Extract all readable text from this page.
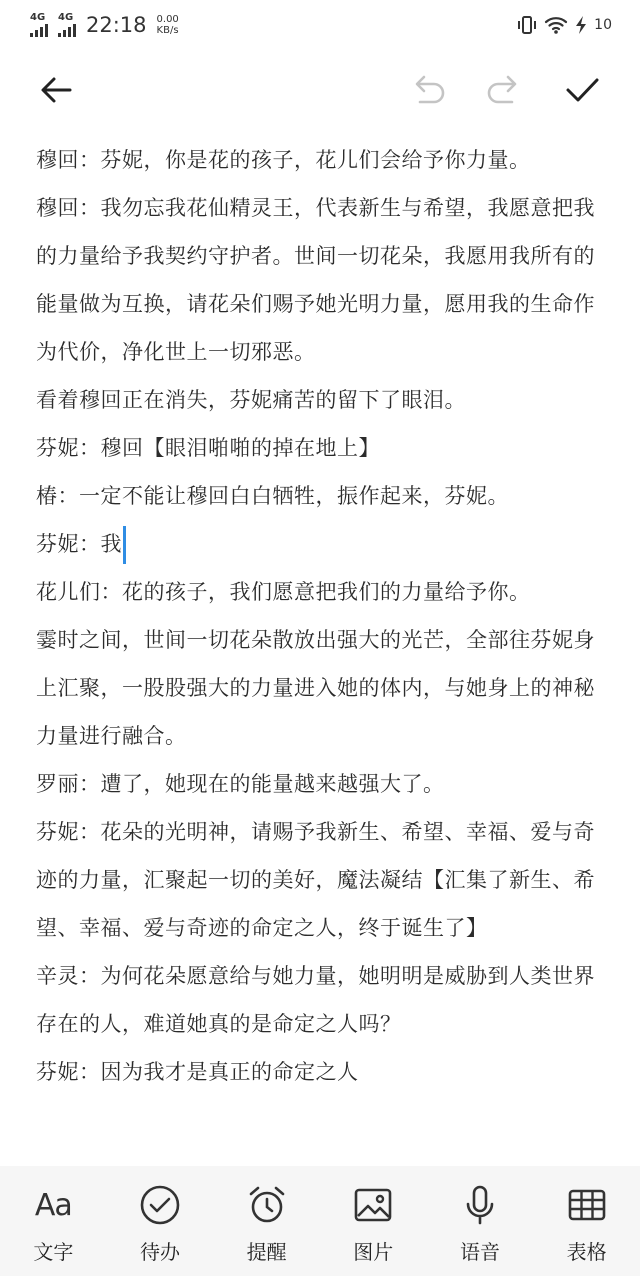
4G 4G 22:18 0.00
KB/s	10

穆回：芬妮，你是花的孩子，花儿们会给予你力量。

穆回：我勿忘我花仙精灵王，代表新生与希望，我愿意把我的力量给予我契约守护者。世间一切花朵，我愿用我所有的能量做为互换，请花朵们赐予她光明力量，愿用我的生命作为代价，净化世上一切邪恶。

看着穆回正在消失，芬妮痛苦的留下了眼泪。

芬妮：穆回【眼泪啪啪的掉在地上】

椿：一定不能让穆回白白牺牲，振作起来，芬妮。

芬妮：我

花儿们：花的孩子，我们愿意把我们的力量给予你。

霎时之间，世间一切花朵散放出强大的光芒，全部往芬妮身上汇聚，一股股强大的力量进入她的体内，与她身上的神秘力量进行融合。

罗丽：遭了，她现在的能量越来越强大了。

芬妮：花朵的光明神，请赐予我新生、希望、幸福、爱与奇迹的力量，汇聚起一切的美好，魔法凝结【汇集了新生、希望、幸福、爱与奇迹的命定之人，终于诞生了】

辛灵：为何花朵愿意给与她力量，她明明是威胁到人类世界存在的人，难道她真的是命定之人吗？

芬妮：因为我才是真正的命定之人

Aa
文字	待办	提醒	图片	语音	表格
